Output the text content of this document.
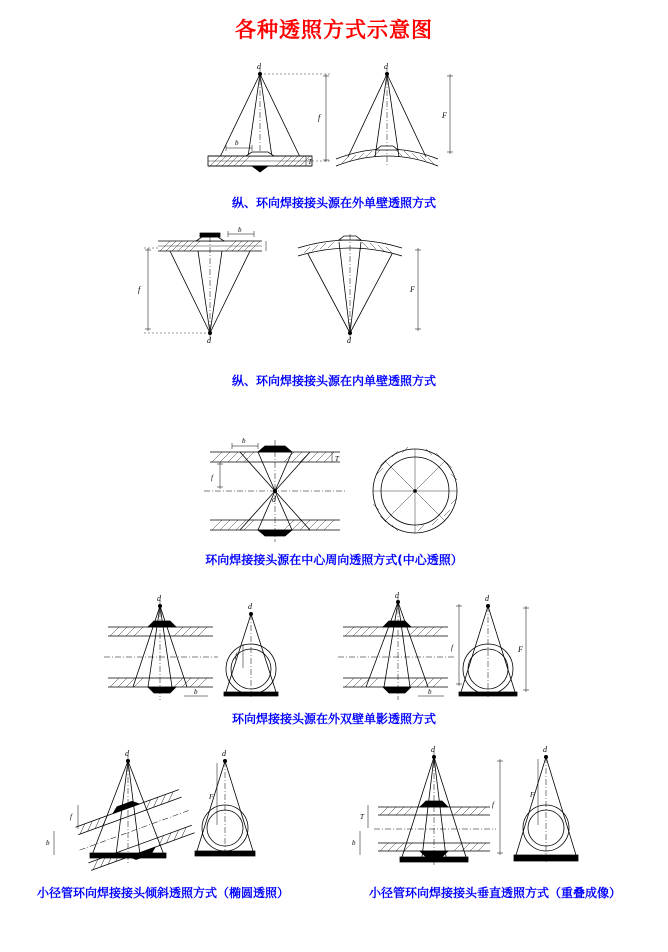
各种透照方式示意图
d
f
b
T
d
F
纵、环向焊接接头源在外单壁透照方式
d
f
b
d
F
纵、环向焊接接头源在内单壁透照方式
b
f
T
d
环向焊接接头源在中心周向透照方式(中心透照）
d
b
d
f
d
f
b
d
F
环向焊接接头源在外双壁单影透照方式
d
f
b
d
F
d
T
b
f
d
F
小径管环向焊接接头倾斜透照方式（椭圆透照）	小径管环向焊接接头垂直透照方式（重叠成像）
